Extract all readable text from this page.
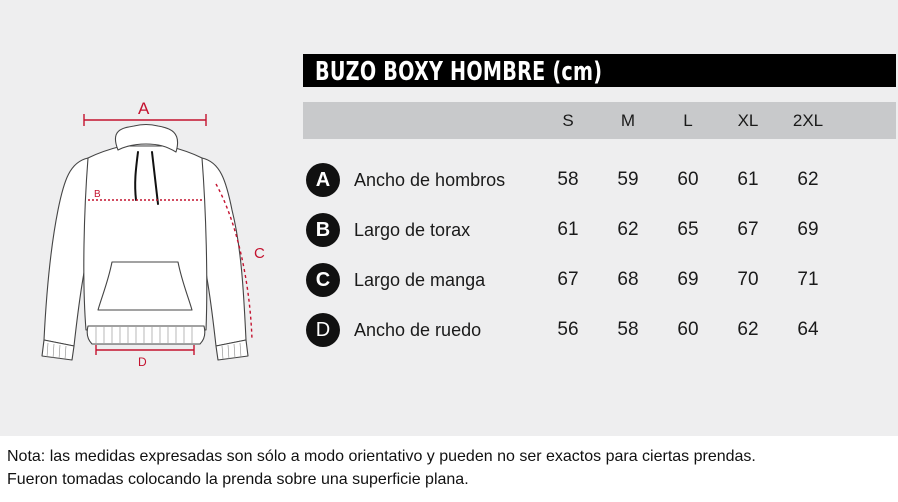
A
B
C
D
BUZO BOXY HOMBRE (cm)
S	M	L	XL	2XL
A	Ancho de hombros	58	59	60	61	62
B	Largo de torax	61	62	65	67	69
C	Largo de manga	67	68	69	70	71
D	Ancho de ruedo	56	58	60	62	64
Nota: las medidas expresadas son sólo a modo orientativo y pueden no ser exactos para ciertas prendas.
Fueron tomadas colocando la prenda sobre una superficie plana.
